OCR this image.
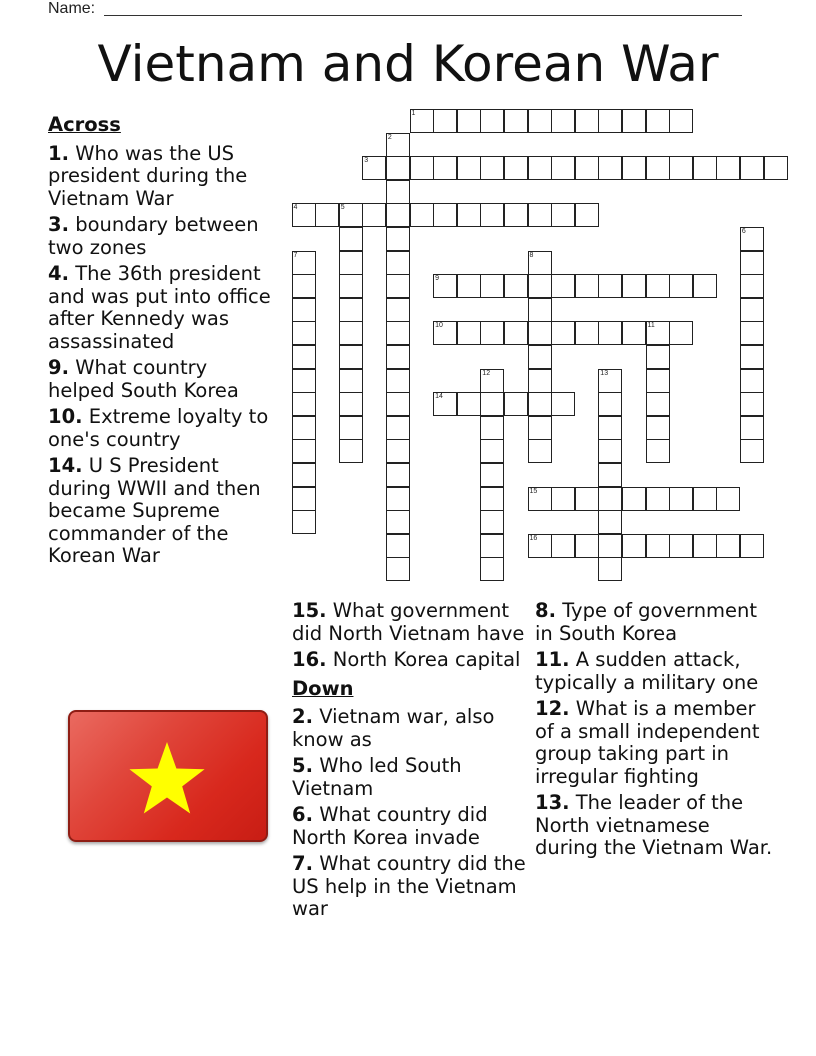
Name:
Vietnam and Korean War
1
2
3
4	5
6
7	8
9
10	11
12	13
14
15
16
Across
1. Who was the US president during the Vietnam War
3. boundary between two zones
4. The 36th president and was put into office after Kennedy was assassinated
9. What country helped South Korea
10. Extreme loyalty to one's country
14. U S President during WWII and then became Supreme commander of the Korean War
15. What government did North Vietnam have
16. North Korea capital
Down
2. Vietnam war, also know as
5. Who led South Vietnam
6. What country did North Korea invade
7. What country did the US help in the Vietnam war
8. Type of government in South Korea
11. A sudden attack, typically a military one
12. What is a member of a small independent group taking part in irregular fighting
13. The leader of the North vietnamese during the Vietnam War.
